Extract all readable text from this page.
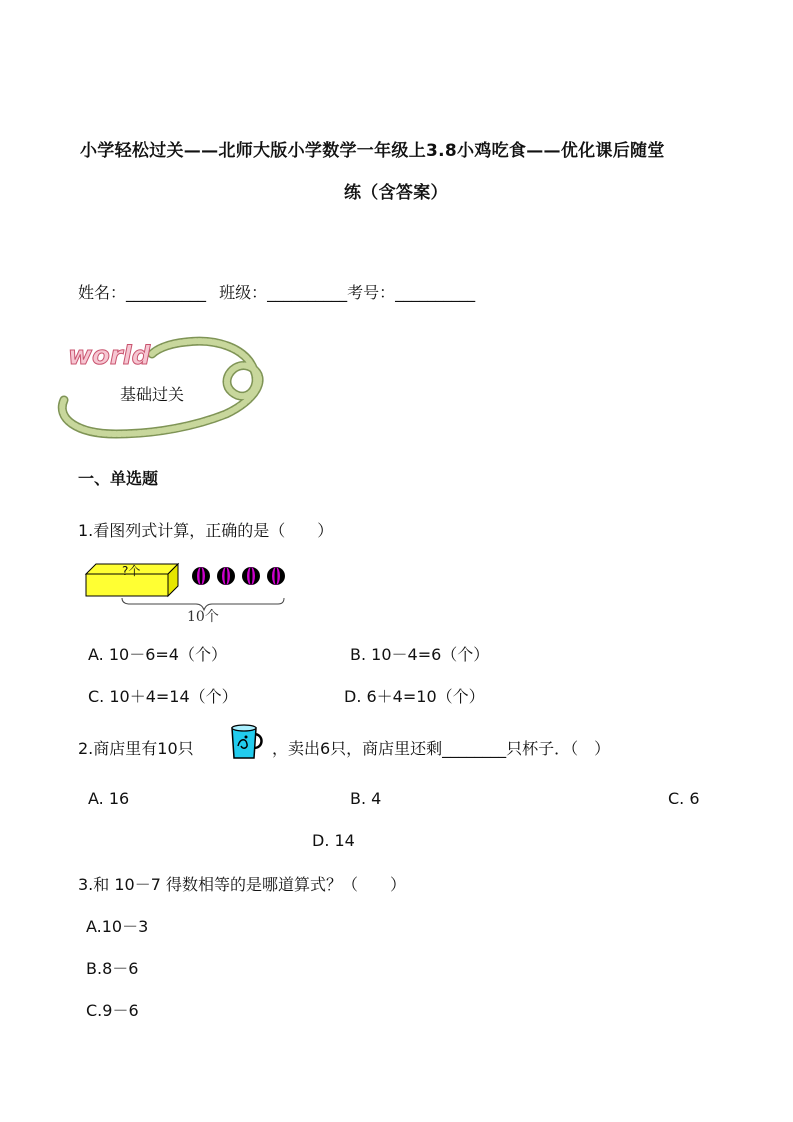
小学轻松过关——北师大版小学数学一年级上3.8小鸡吃食——优化课后随堂
练（含答案）
姓名：__________ 班级：__________考号：__________
world
基础过关
一、单选题
1.看图列式计算，正确的是（　　）
?个
10个
A. 10－6=4（个）	B. 10－4=6（个）
C. 10＋4=14（个）	D. 6＋4=10（个）
2.商店里有10只	，卖出6只，商店里还剩________只杯子．（　）
A. 16	B. 4	C. 6
D. 14
3.和 10－7 得数相等的是哪道算式？（　　）
A.10－3
B.8－6
C.9－6
